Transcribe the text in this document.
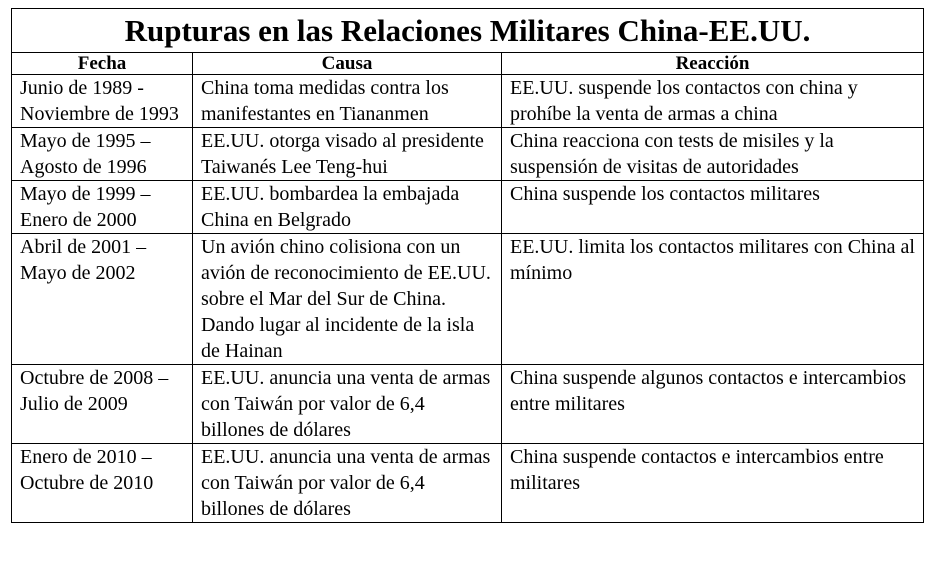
Rupturas en las Relaciones Militares China-EE.UU.		
Fecha	Causa	Reacción
Junio de 1989 - Noviembre de 1993	China toma medidas contra los manifestantes en Tiananmen	EE.UU. suspende los contactos con china y prohíbe la venta de armas a china
Mayo de 1995 – Agosto de 1996	EE.UU. otorga visado al presidente Taiwanés Lee Teng-hui	China reacciona con tests de misiles y la suspensión de visitas de autoridades
Mayo de 1999 – Enero de 2000	EE.UU. bombardea la embajada China en Belgrado	China suspende los contactos militares
Abril de 2001 – Mayo de 2002	Un avión chino colisiona con un avión de reconocimiento de EE.UU. sobre el Mar del Sur de China. Dando lugar al incidente de la isla de Hainan	EE.UU. limita los contactos militares con China al mínimo
Octubre de 2008 – Julio de 2009	EE.UU. anuncia una venta de armas con Taiwán por valor de 6,4 billones de dólares	China suspende algunos contactos e intercambios entre militares
Enero de 2010 – Octubre de 2010	EE.UU. anuncia una venta de armas con Taiwán por valor de 6,4 billones de dólares	China suspende contactos e intercambios entre militares
